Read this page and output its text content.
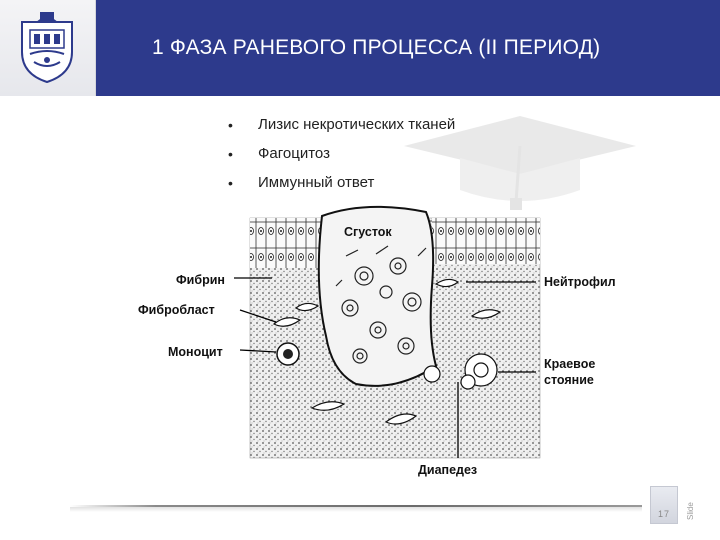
1 ФАЗА РАНЕВОГО ПРОЦЕССА (II ПЕРИОД)
•	Лизис некротических тканей
•	Фагоцитоз
•	Иммунный ответ
Сгусток
Фибрин
Фибробласт
Моноцит
Нейтрофил
Краевое
стояние
Диапедез
17 Slide
